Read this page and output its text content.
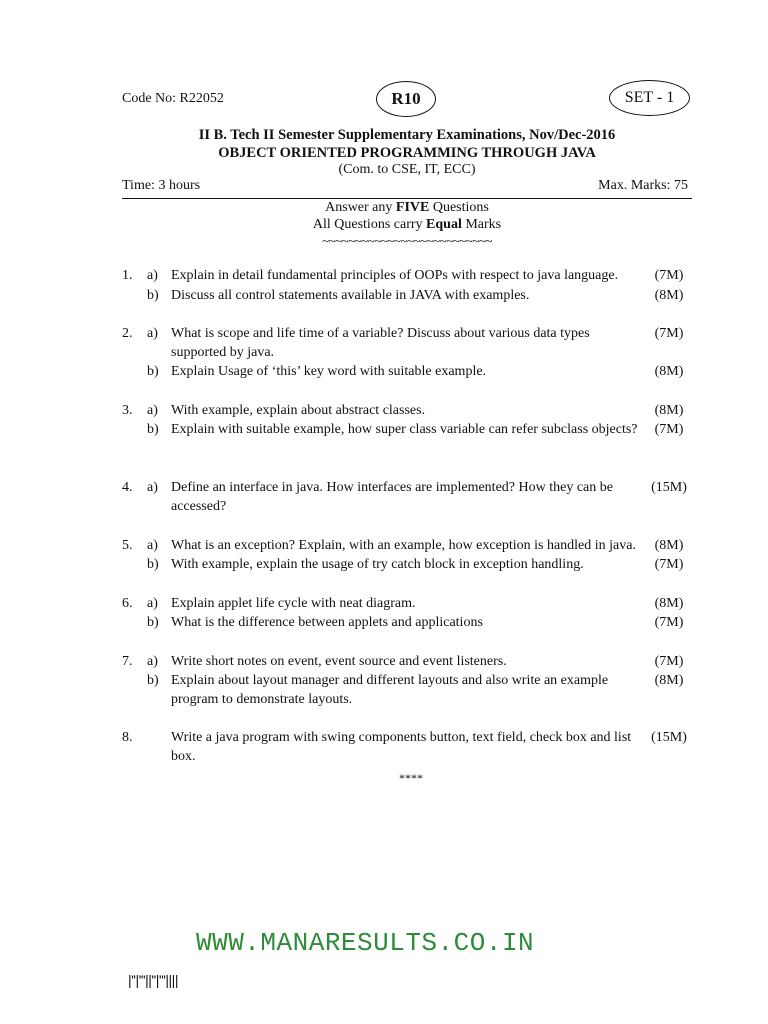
Code No: R22052	R10	SET - 1
II B. Tech II Semester Supplementary Examinations, Nov/Dec-2016
OBJECT ORIENTED PROGRAMMING THROUGH JAVA
(Com. to CSE, IT, ECC)
Time: 3 hours	Max. Marks: 75
Answer any FIVE Questions
All Questions carry Equal Marks
~~~~~~~~~~~~~~~~~~~~~~~~~~
1. a) Explain in detail fundamental principles of OOPs with respect to java language.	(7M)
b) Discuss all control statements available in JAVA with examples.	(8M)
2. a) What is scope and life time of a variable? Discuss about various data types supported by java.
(7M)
b) Explain Usage of ‘this’ key word with suitable example.	(8M)
3. a) With example, explain about abstract classes.	(8M)
b) Explain with suitable example, how super class variable can refer subclass objects?	(7M)
4. a) Define an interface in java. How interfaces are implemented? How they can be accessed?
(15M)
5. a) What is an exception? Explain, with an example, how exception is handled in java.	(8M)
b) With example, explain the usage of try catch block in exception handling.	(7M)
6. a) Explain applet life cycle with neat diagram.	(8M)
b) What is the difference between applets and applications	(7M)
7. a) Write short notes on event, event source and event listeners.	(7M)
b) Explain about layout manager and different layouts and also write an example program to demonstrate layouts.
(8M)
8.	Write a java program with swing components button, text field, check box and list box.
(15M)
****
WWW.MANARESULTS.CO.IN
|''|'''||''|'''||||
